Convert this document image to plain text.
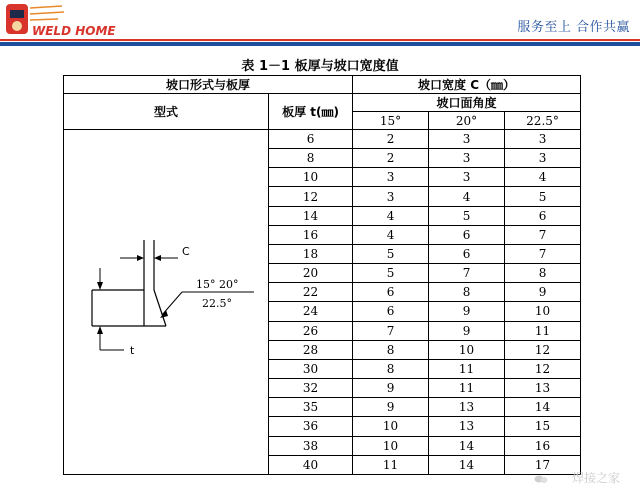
WELD HOME	服务至上 合作共赢
表 1－1 板厚与坡口宽度值
坡口形式与板厚		坡口宽度 C（㎜）		
型式	板厚 t(㎜)	坡口面角度		
		15°	20°	22.5°

C
t
15° 20°
22.5°	6	2	3	3
	8	2	3	3
	10	3	3	4
	12	3	4	5
	14	4	5	6
	16	4	6	7
	18	5	6	7
	20	5	7	8
	22	6	8	9
	24	6	9	10
	26	7	9	11
	28	8	10	12
	30	8	11	12
	32	9	11	13
	35	9	13	14
	36	10	13	15
	38	10	14	16
	40	11	14	17
焊接之家
